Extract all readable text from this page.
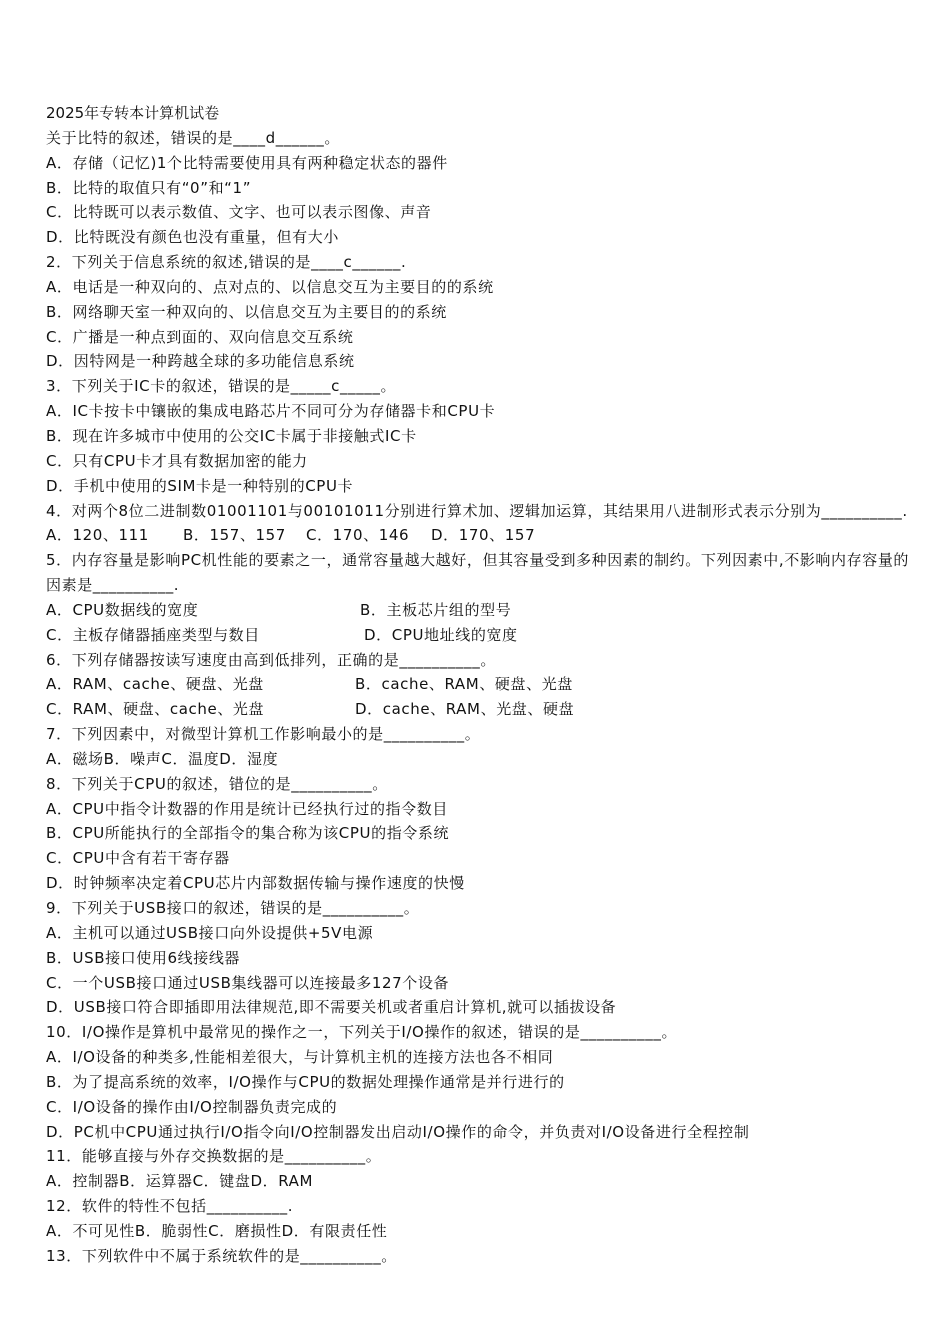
2025年专转本计算机试卷
关于比特的叙述，错误的是____d______。
A．存储（记忆)1个比特需要使用具有两种稳定状态的器件
B．比特的取值只有“0”和“1”
C．比特既可以表示数值、文字、也可以表示图像、声音
D．比特既没有颜色也没有重量，但有大小
2．下列关于信息系统的叙述,错误的是____c______.
A．电话是一种双向的、点对点的、以信息交互为主要目的的系统
B．网络聊天室一种双向的、以信息交互为主要目的的系统
C．广播是一种点到面的、双向信息交互系统
D．因特网是一种跨越全球的多功能信息系统
3．下列关于IC卡的叙述，错误的是_____c_____。
A．IC卡按卡中镶嵌的集成电路芯片不同可分为存储器卡和CPU卡
B．现在许多城市中使用的公交IC卡属于非接触式IC卡
C．只有CPU卡才具有数据加密的能力
D．手机中使用的SIM卡是一种特别的CPU卡
4．对两个8位二进制数01001101与00101011分别进行算术加、逻辑加运算，其结果用八进制形式表示分别为__________.
A．120、111	B．157、157	C．170、146	D．170、157
5．内存容量是影响PC机性能的要素之一，通常容量越大越好，但其容量受到多种因素的制约。下列因素中,不影响内存容量的因素是__________.
A．CPU数据线的宽度	B．主板芯片组的型号
C．主板存储器插座类型与数目	D．CPU地址线的宽度
6．下列存储器按读写速度由高到低排列，正确的是__________。
A．RAM、cache、硬盘、光盘	B．cache、RAM、硬盘、光盘
C．RAM、硬盘、cache、光盘	D．cache、RAM、光盘、硬盘
7．下列因素中，对微型计算机工作影响最小的是__________。
A．磁场 B．噪声 C．温度 D．湿度
8．下列关于CPU的叙述，错位的是__________。
A．CPU中指令计数器的作用是统计已经执行过的指令数目
B．CPU所能执行的全部指令的集合称为该CPU的指令系统
C．CPU中含有若干寄存器
D．时钟频率决定着CPU芯片内部数据传输与操作速度的快慢
9．下列关于USB接口的叙述，错误的是__________。
A．主机可以通过USB接口向外设提供+5V电源
B．USB接口使用6线接线器
C．一个USB接口通过USB集线器可以连接最多127个设备
D．USB接口符合即插即用法律规范,即不需要关机或者重启计算机,就可以插拔设备
10．I/O操作是算机中最常见的操作之一，下列关于I/O操作的叙述，错误的是__________。
A．I/O设备的种类多,性能相差很大，与计算机主机的连接方法也各不相同
B．为了提高系统的效率，I/O操作与CPU的数据处理操作通常是并行进行的
C．I/O设备的操作由I/O控制器负责完成的
D．PC机中CPU通过执行I/O指令向I/O控制器发出启动I/O操作的命令，并负责对I/O设备进行全程控制
11．能够直接与外存交换数据的是__________。
A．控制器 B．运算器 C．键盘 D．RAM
12．软件的特性不包括__________.
A．不可见性 B．脆弱性 C．磨损性 D．有限责任性
13．下列软件中不属于系统软件的是__________。
